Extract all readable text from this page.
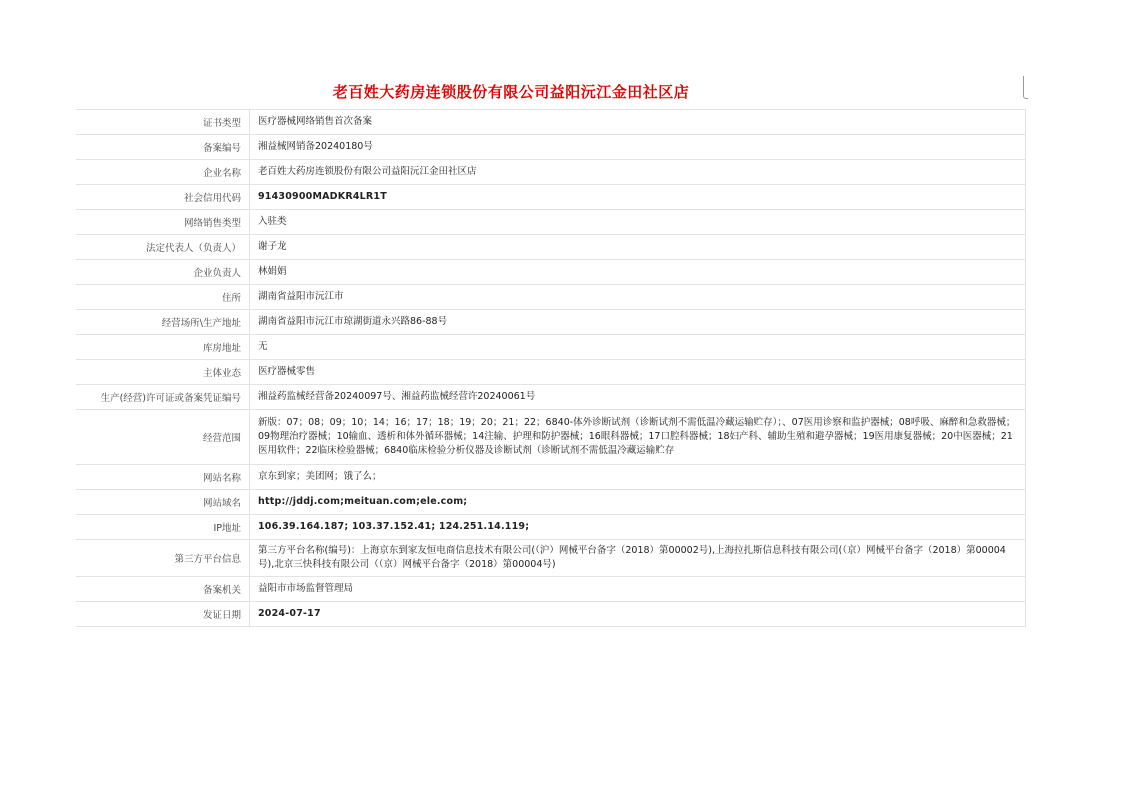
老百姓大药房连锁股份有限公司益阳沅江金田社区店
证书类型	医疗器械网络销售首次备案
备案编号	湘益械网销备20240180号
企业名称	老百姓大药房连锁股份有限公司益阳沅江金田社区店
社会信用代码	91430900MADKR4LR1T
网络销售类型	入驻类
法定代表人（负责人）	谢子龙
企业负责人	林娟娟
住所	湖南省益阳市沅江市
经营场所\生产地址	湖南省益阳市沅江市琼湖街道永兴路86-88号
库房地址	无
主体业态	医疗器械零售
生产(经营)许可证或备案凭证编号	湘益药监械经营备20240097号、湘益药监械经营许20240061号
经营范围	新版：07；08；09；10；14；16；17；18；19；20；21；22；6840-体外诊断试剂（诊断试剂不需低温冷藏运输贮存）；、07医用诊察和监护器械；08呼吸、麻醉和急救器械；09物理治疗器械；10输血、透析和体外循环器械；14注输、护理和防护器械；16眼科器械；17口腔科器械；18妇产科、辅助生殖和避孕器械；19医用康复器械；20中医器械；21医用软件；22临床检验器械；6840临床检验分析仪器及诊断试剂（诊断试剂不需低温冷藏运输贮存
网站名称	京东到家；美团网；饿了么；
网站域名	http://jddj.com;meituan.com;ele.com;
IP地址	106.39.164.187; 103.37.152.41; 124.251.14.119;
第三方平台信息	第三方平台名称(编号)：上海京东到家友恒电商信息技术有限公司(（沪）网械平台备字（2018）第00002号),上海拉扎斯信息科技有限公司(（京）网械平台备字（2018）第00004号),北京三快科技有限公司（（京）网械平台备字（2018）第00004号)
备案机关	益阳市市场监督管理局
发证日期	2024-07-17
